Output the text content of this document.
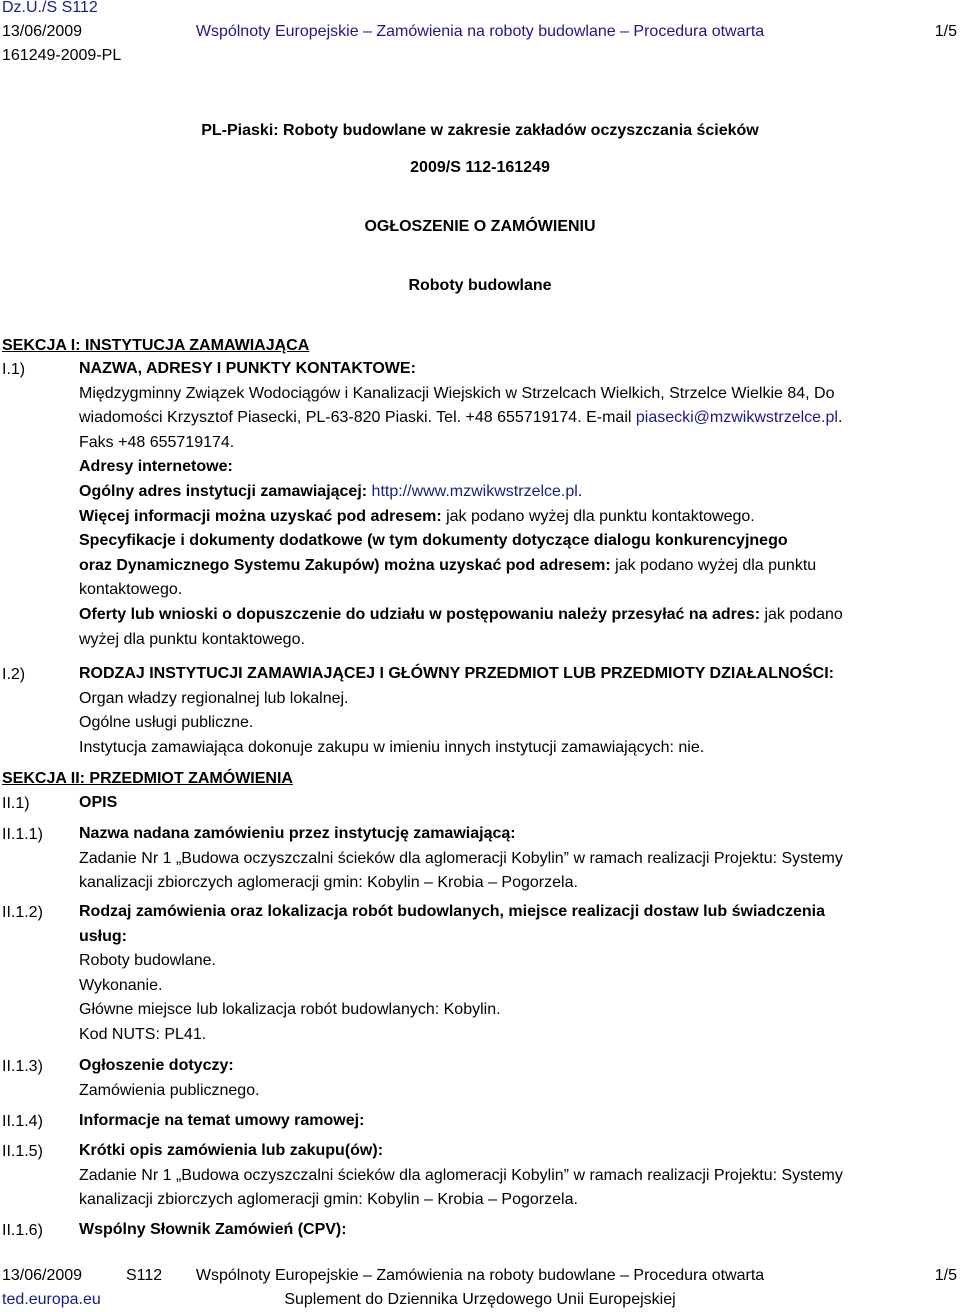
Dz.U./S S112
13/06/2009	Wspólnoty Europejskie – Zamówienia na roboty budowlane – Procedura otwarta	1/5
161249-2009-PL
PL-Piaski: Roboty budowlane w zakresie zakładów oczyszczania ścieków
2009/S 112-161249
OGŁOSZENIE O ZAMÓWIENIU
Roboty budowlane
SEKCJA I: INSTYTUCJA ZAMAWIAJĄCA
I.1)	NAZWA, ADRESY I PUNKTY KONTAKTOWE:
Międzygminny Związek Wodociągów i Kanalizacji Wiejskich w Strzelcach Wielkich, Strzelce Wielkie 84, Do
wiadomości Krzysztof Piasecki, PL-63-820 Piaski. Tel. +48 655719174. E-mail piasecki@mzwikwstrzelce.pl.
Faks +48 655719174.
Adresy internetowe:
Ogólny adres instytucji zamawiającej: http://www.mzwikwstrzelce.pl.
Więcej informacji można uzyskać pod adresem: jak podano wyżej dla punktu kontaktowego.
Specyfikacje i dokumenty dodatkowe (w tym dokumenty dotyczące dialogu konkurencyjnego
oraz Dynamicznego Systemu Zakupów) można uzyskać pod adresem: jak podano wyżej dla punktu
kontaktowego.
Oferty lub wnioski o dopuszczenie do udziału w postępowaniu należy przesyłać na adres: jak podano
wyżej dla punktu kontaktowego.
I.2)	RODZAJ INSTYTUCJI ZAMAWIAJĄCEJ I GŁÓWNY PRZEDMIOT LUB PRZEDMIOTY DZIAŁALNOŚCI:
Organ władzy regionalnej lub lokalnej.
Ogólne usługi publiczne.
Instytucja zamawiająca dokonuje zakupu w imieniu innych instytucji zamawiających: nie.
SEKCJA II: PRZEDMIOT ZAMÓWIENIA
II.1)	OPIS
II.1.1) Nazwa nadana zamówieniu przez instytucję zamawiającą:
Zadanie Nr 1 „Budowa oczyszczalni ścieków dla aglomeracji Kobylin” w ramach realizacji Projektu: Systemy
kanalizacji zbiorczych aglomeracji gmin: Kobylin – Krobia – Pogorzela.
II.1.2) Rodzaj zamówienia oraz lokalizacja robót budowlanych, miejsce realizacji dostaw lub świadczenia
usług:
Roboty budowlane.
Wykonanie.
Główne miejsce lub lokalizacja robót budowlanych: Kobylin.
Kod NUTS: PL41.
II.1.3) Ogłoszenie dotyczy:
Zamówienia publicznego.
II.1.4) Informacje na temat umowy ramowej:
II.1.5) Krótki opis zamówienia lub zakupu(ów):
Zadanie Nr 1 „Budowa oczyszczalni ścieków dla aglomeracji Kobylin” w ramach realizacji Projektu: Systemy
kanalizacji zbiorczych aglomeracji gmin: Kobylin – Krobia – Pogorzela.
II.1.6) Wspólny Słownik Zamówień (CPV):
13/06/2009	S112	Wspólnoty Europejskie – Zamówienia na roboty budowlane – Procedura otwarta	1/5
ted.europa.eu	Suplement do Dziennika Urzędowego Unii Europejskiej
